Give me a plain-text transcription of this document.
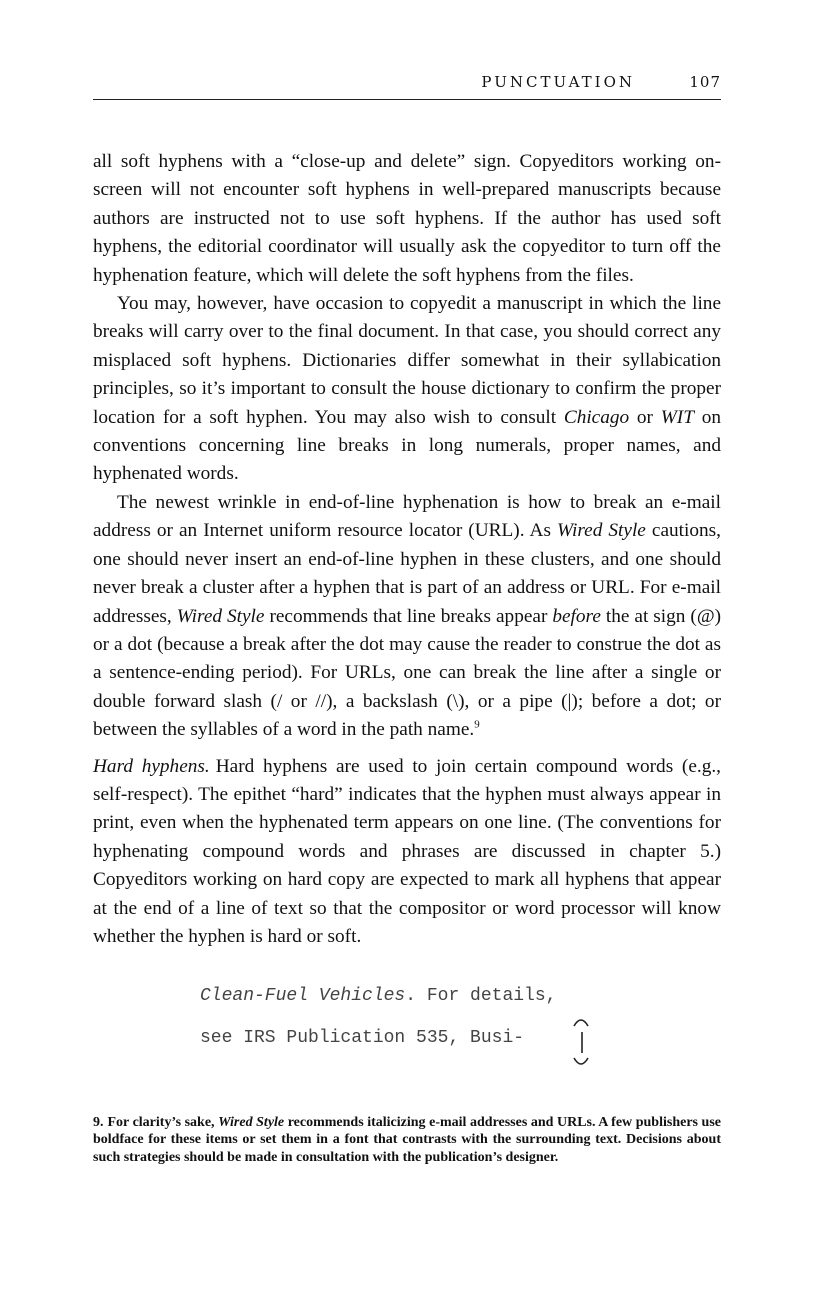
PUNCTUATION	107

all soft hyphens with a “close-up and delete” sign. Copyeditors working on-screen will not encounter soft hyphens in well-prepared manuscripts because authors are instructed not to use soft hyphens. If the author has used soft hyphens, the editorial coordinator will usually ask the copyeditor to turn off the hyphenation feature, which will delete the soft hyphens from the files.

You may, however, have occasion to copyedit a manuscript in which the line breaks will carry over to the final document. In that case, you should correct any misplaced soft hyphens. Dictionaries differ somewhat in their syllabication principles, so it’s important to consult the house dictionary to confirm the proper location for a soft hyphen. You may also wish to consult Chicago or WIT on conventions concerning line breaks in long numerals, proper names, and hyphenated words.

The newest wrinkle in end-of-line hyphenation is how to break an e-mail address or an Internet uniform resource locator (URL). As Wired Style cautions, one should never insert an end-of-line hyphen in these clusters, and one should never break a cluster after a hyphen that is part of an address or URL. For e-mail addresses, Wired Style recommends that line breaks appear before the at sign (@) or a dot (because a break after the dot may cause the reader to construe the dot as a sentence-ending period). For URLs, one can break the line after a single or double forward slash (/ or //), a backslash (\), or a pipe (|); before a dot; or between the syllables of a word in the path name.$^9$

Hard hyphens. Hard hyphens are used to join certain compound words (e.g., self-respect). The epithet “hard” indicates that the hyphen must always appear in print, even when the hyphenated term appears on one line. (The conventions for hyphenating compound words and phrases are discussed in chapter 5.) Copyeditors working on hard copy are expected to mark all hyphens that appear at the end of a line of text so that the compositor or word processor will know whether the hyphen is hard or soft.

Clean-Fuel Vehicles. For details,
see IRS Publication 535, Busi-
9. For clarity’s sake, Wired Style recommends italicizing e-mail addresses and URLs. A few publishers use boldface for these items or set them in a font that contrasts with the surrounding text. Decisions about such strategies should be made in consultation with the publication’s designer.
